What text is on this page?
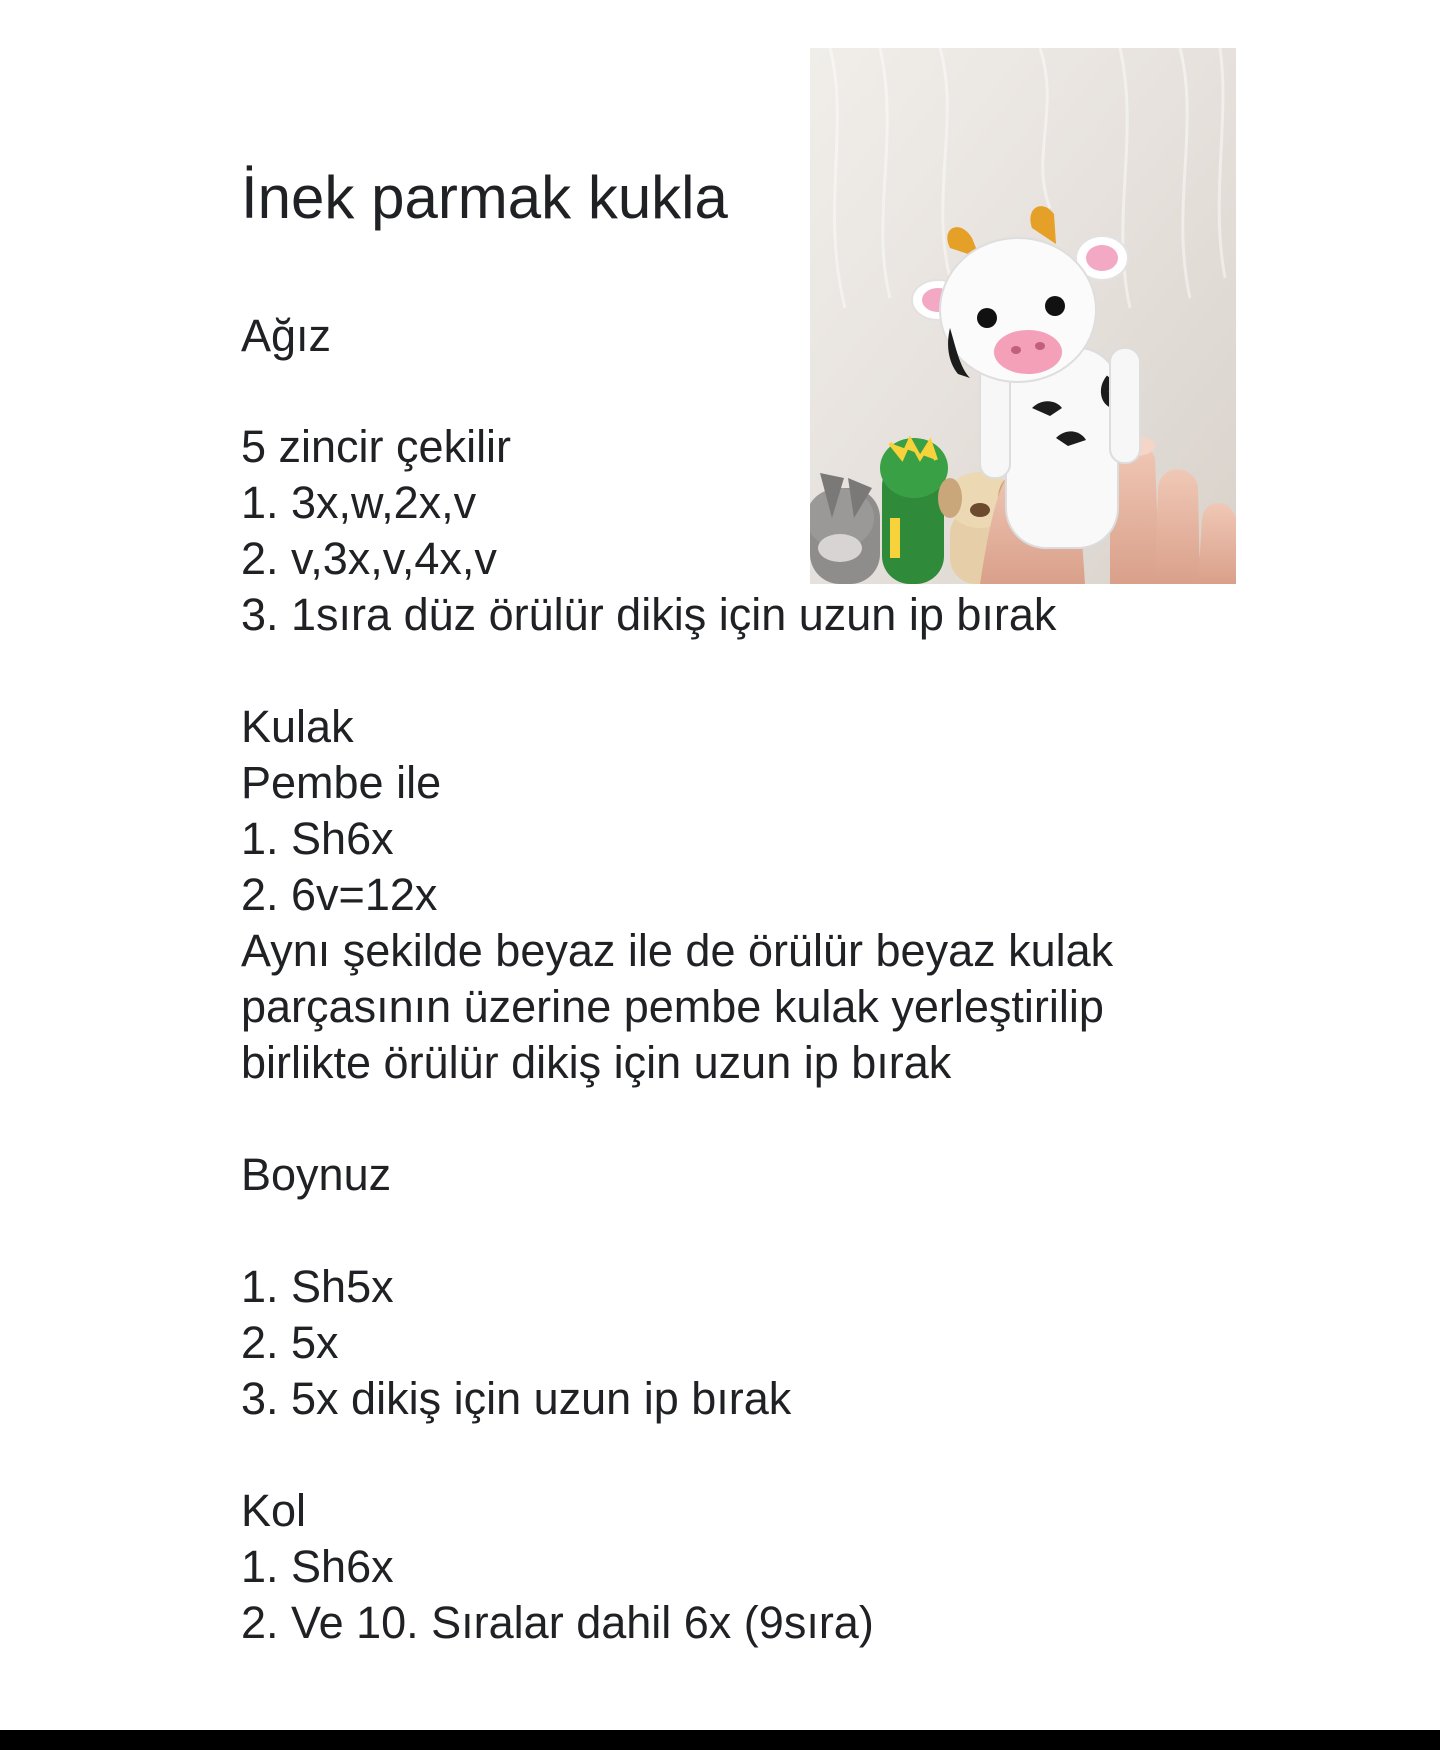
İnek parmak kukla

Ağız

5 zincir çekilir

1. 3x,w,2x,v

2. v,3x,v,4x,v

3. 1sıra düz örülür dikiş için uzun ip bırak

Kulak

Pembe ile

1. Sh6x

2. 6v=12x

Aynı şekilde beyaz ile de örülür beyaz kulak

parçasının üzerine pembe kulak yerleştirilip

birlikte örülür dikiş için uzun ip bırak

Boynuz

1. Sh5x

2. 5x

3. 5x dikiş için uzun ip bırak

Kol

1. Sh6x

2. Ve 10. Sıralar dahil 6x (9sıra)
